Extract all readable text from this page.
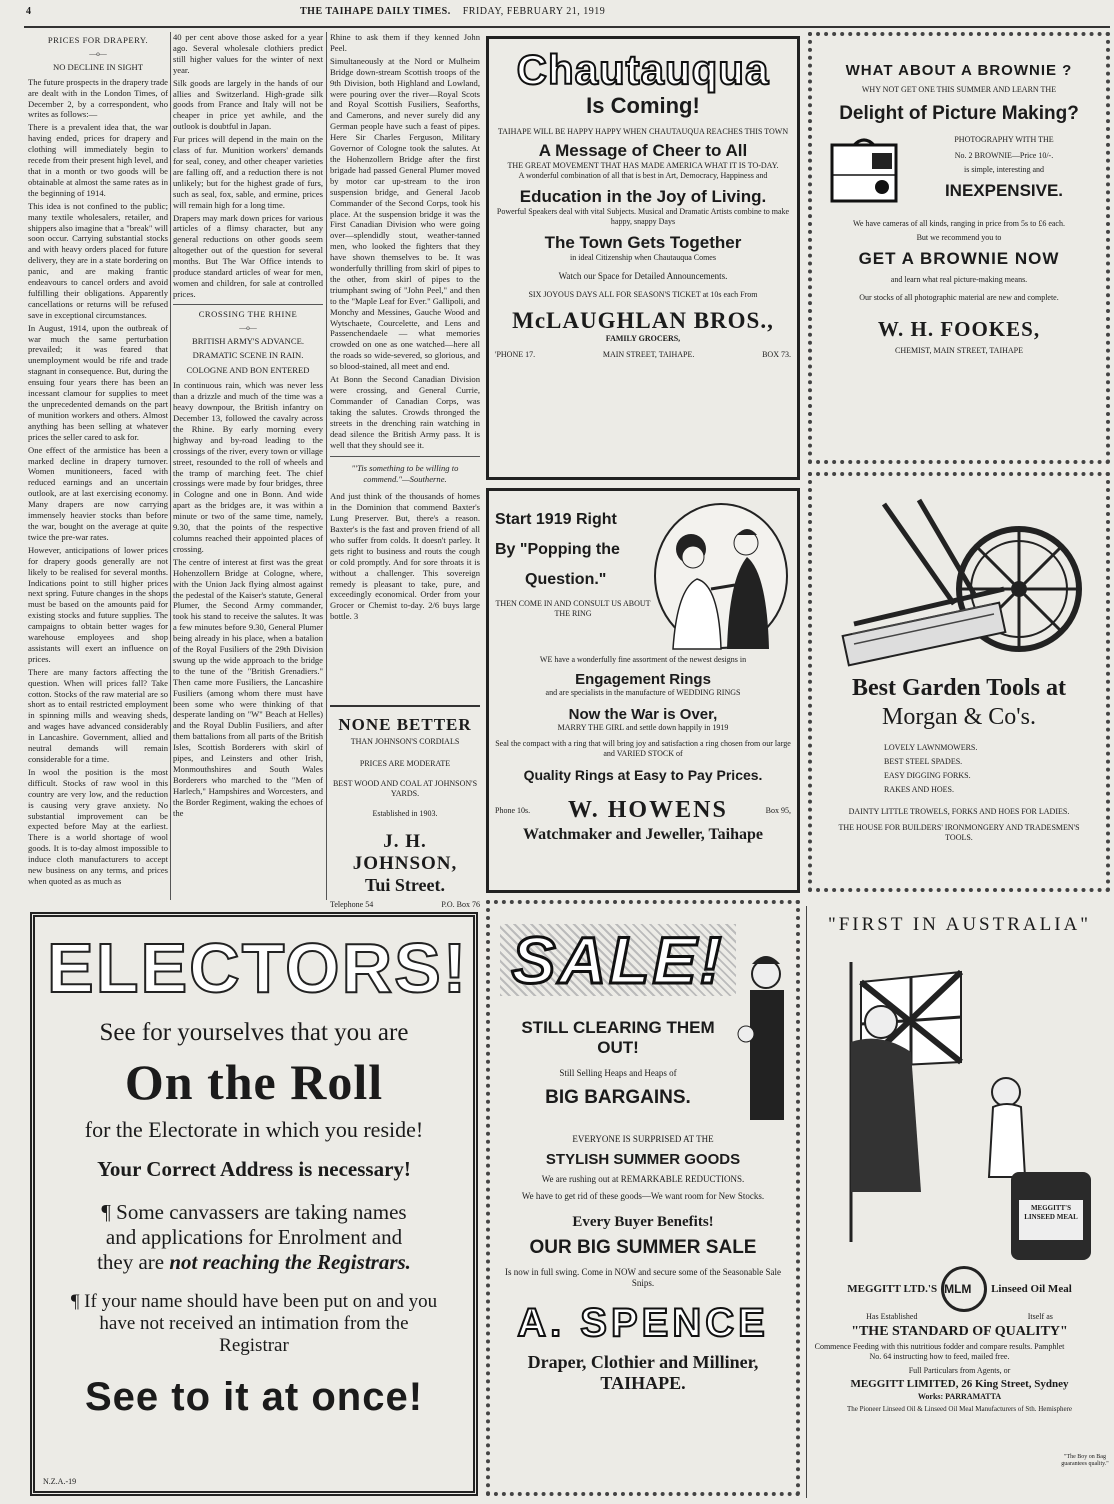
4	THE TAIHAPE DAILY TIMES. FRIDAY, FEBRUARY 21, 1919
PRICES FOR DRAPERY.
—o—
NO DECLINE IN SIGHT

The future prospects in the drapery trade are dealt with in the London Times, of December 2, by a correspondent, who writes as follows:—

There is a prevalent idea that, the war having ended, prices for drapery and clothing will immediately begin to recede from their present high level, and that in a month or two goods will be obtainable at almost the same rates as in the beginning of 1914.

This idea is not confined to the public; many textile wholesalers, retailer, and shippers also imagine that a "break" will soon occur. Carrying substantial stocks and with heavy orders placed for future delivery, they are in a state bordering on panic, and are making frantic endeavours to cancel orders and avoid fulfilling their obligations. Apparently cancellations or returns will be refused save in exceptional circumstances.

In August, 1914, upon the outbreak of war much the same perturbation prevailed; it was feared that unemployment would be rife and trade stagnant in consequence. But, during the ensuing four years there has been an incessant clamour for supplies to meet the unprecedented demands on the part of munition workers and others. Almost anything has been selling at whatever prices the seller cared to ask for.

One effect of the armistice has been a marked decline in drapery turnover. Women munitioneers, faced with reduced earnings and an uncertain outlook, are at last exercising economy. Many drapers are now carrying immensely heavier stocks than before the war, bought on the average at quite twice the pre-war rates.

However, anticipations of lower prices for drapery goods generally are not likely to be realised for several months. Indications point to still higher prices next spring. Future changes in the shops must be based on the amounts paid for existing stocks and future supplies. The campaigns to obtain better wages for warehouse employees and shop assistants will exert an influence on prices.

There are many factors affecting the question. When will prices fall? Take cotton. Stocks of the raw material are so short as to entail restricted employment in spinning mills and weaving sheds, and wages have advanced considerably in Lancashire. Government, allied and neutral demands will remain considerable for a time.

In wool the position is the most difficult. Stocks of raw wool in this country are very low, and the reduction is causing very grave anxiety. No substantial improvement can be expected before May at the earliest. There is a world shortage of wool goods. It is to-day almost impossible to induce cloth manufacturers to accept new business on any terms, and prices when quoted as as much as

40 per cent above those asked for a year ago. Several wholesale clothiers predict still higher values for the winter of next year.

Silk goods are largely in the hands of our allies and Switzerland. High-grade silk goods from France and Italy will not be cheaper in price yet awhile, and the outlook is doubtful in Japan.

Fur prices will depend in the main on the class of fur. Munition workers' demands for seal, coney, and other cheaper varieties are falling off, and a reduction there is not unlikely; but for the highest grade of furs, such as seal, fox, sable, and ermine, prices will remain high for a long time.

Drapers may mark down prices for various articles of a flimsy character, but any general reductions on other goods seem altogether out of the question for several months. But The War Office intends to produce standard articles of wear for men, women and children, for sale at controlled prices.

CROSSING THE RHINE
—o—
BRITISH ARMY'S ADVANCE.
DRAMATIC SCENE IN RAIN.
COLOGNE AND BON ENTERED

In continuous rain, which was never less than a drizzle and much of the time was a heavy downpour, the British infantry on December 13, followed the cavalry across the Rhine. By early morning every highway and by-road leading to the crossings of the river, every town or village street, resounded to the roll of wheels and the tramp of marching feet. The chief crossings were made by four bridges, three in Cologne and one in Bonn. And wide apart as the bridges are, it was within a minute or two of the same time, namely, 9.30, that the points of the respective columns reached their appointed places of crossing.

The centre of interest at first was the great Hohenzollern Bridge at Cologne, where, with the Union Jack flying almost against the pedestal of the Kaiser's statute, General Plumer, the Second Army commander, took his stand to receive the salutes. It was a few minutes before 9.30, General Plumer being already in his place, when a batalion of the Royal Fusiliers of the 29th Division swung up the wide approach to the bridge to the tune of the "British Grenadiers." Then came more Fusiliers, the Lancashire Fusiliers (among whom there must have been some who were thinking of that desperate landing on "W" Beach at Helles) and the Royal Dublin Fusiliers, and after them battalions from all parts of the British Isles, Scottish Borderers with skirl of pipes, and Leinsters and other Irish, Monmouthshires and South Wales Borderers who marched to the "Men of Harlech," Hampshires and Worcesters, and the Border Regiment, waking the echoes of the

Rhine to ask them if they kenned John Peel.

Simultaneously at the Nord or Mulheim Bridge down-stream Scottish troops of the 9th Division, both Highland and Lowland, were pouring over the river—Royal Scots and Royal Scottish Fusiliers, Seaforths, and Camerons, and never surely did any German people have such a feast of pipes. Here Sir Charles Ferguson, Military Governor of Cologne took the salutes. At the Hohenzollern Bridge after the first brigade had passed General Plumer moved by motor car up-stream to the iron suspension bridge, and General Jacob Commander of the Second Corps, took his place. At the suspension bridge it was the First Canadian Division who were going over—splendidly stout, weather-tanned men, who looked the fighters that they have shown themselves to be. It was wonderfully thrilling from skirl of pipes to the other, from skirl of pipes to the triumphant swing of "John Peel," and then to the "Maple Leaf for Ever." Gallipoli, and Monchy and Messines, Gauche Wood and Wytschaete, Courcelette, and Lens and Passenchendaele — what memories crowded on one as one watched—here all the roads so wide-severed, so glorious, and so blood-stained, all meet and end.

At Bonn the Second Canadian Division were crossing, and General Currie, Commander of Canadian Corps, was taking the salutes. Crowds thronged the streets in the drenching rain watching in dead silence the British Army pass. It is well that they should see it.

"'Tis something to be willing to commend."—Southerne.

And just think of the thousands of homes in the Dominion that commend Baxter's Lung Preserver. But, there's a reason. Baxter's is the fast and proven friend of all who suffer from colds. It doesn't parley. It gets right to business and routs the cough or cold promptly. And for sore throats it is without a challenger. This sovereign remedy is pleasant to take, pure, and exceedingly economical. Order from your Grocer or Chemist to-day. 2/6 buys large bottle. 3

NONE BETTER

THAN JOHNSON'S CORDIALS

PRICES ARE MODERATE

BEST WOOD AND COAL AT JOHNSON'S YARDS.

Established in 1903.

J. H. JOHNSON,

Tui Street.

Telephone 54	P.O. Box 76

Chautauqua

Is Coming!

TAIHAPE WILL BE HAPPY HAPPY WHEN CHAUTAUQUA REACHES THIS TOWN

A Message of Cheer to All

THE GREAT MOVEMENT THAT HAS MADE AMERICA WHAT IT IS TO-DAY.

A wonderful combination of all that is best in Art, Democracy, Happiness and

Education in the Joy of Living.

Powerful Speakers deal with vital Subjects. Musical and Dramatic Artists combine to make happy, snappy Days

The Town Gets Together

in ideal Citizenship when Chautauqua Comes

Watch our Space for Detailed Announcements.

SIX JOYOUS DAYS ALL FOR SEASON'S TICKET at 10s each From

McLAUGHLAN BROS.,

FAMILY GROCERS,

'PHONE 17.	MAIN STREET, TAIHAPE.	BOX 73.

WHAT ABOUT A BROWNIE ?

WHY NOT GET ONE THIS SUMMER AND LEARN THE

Delight of Picture Making?

PHOTOGRAPHY WITH THE

No. 2 BROWNIE—Price 10/-.

is simple, interesting and

INEXPENSIVE.

We have cameras of all kinds, ranging in price from 5s to £6 each.

But we recommend you to

GET A BROWNIE NOW

and learn what real picture-making means.

Our stocks of all photographic material are new and complete.

W. H. FOOKES,

CHEMIST, MAIN STREET, TAIHAPE

Start 1919 Right

By "Popping the

Question."

THEN COME IN AND CONSULT US ABOUT THE RING

WE have a wonderfully fine assortment of the newest designs in

Engagement Rings

and are specialists in the manufacture of WEDDING RINGS

Now the War is Over,

MARRY THE GIRL and settle down happily in 1919

Seal the compact with a ring that will bring joy and satisfaction a ring chosen from our large and VARIED STOCK of

Quality Rings at Easy to Pay Prices.

Phone 10s. W. HOWENS	Box 95,

Watchmaker and Jeweller, Taihape

Best Garden Tools at

Morgan & Co's.

LOVELY LAWNMOWERS.

BEST STEEL SPADES.

EASY DIGGING FORKS.

RAKES AND HOES.

DAINTY LITTLE TROWELS, FORKS AND HOES FOR LADIES.

THE HOUSE FOR BUILDERS' IRONMONGERY AND TRADESMEN'S TOOLS.

ELECTORS!

See for yourselves that you are

On the Roll

for the Electorate in which you reside!

Your Correct Address is necessary!

¶ Some canvassers are taking names and applications for Enrolment and they are not reaching the Registrars.

¶ If your name should have been put on and you have not received an intimation from the Registrar

See to it at once!

N.Z.A.-19

SALE!

STILL CLEARING THEM OUT!

Still Selling Heaps and Heaps of

BIG BARGAINS.

EVERYONE IS SURPRISED AT THE

STYLISH SUMMER GOODS

We are rushing out at REMARKABLE REDUCTIONS.

We have to get rid of these goods—We want room for New Stocks.

Every Buyer Benefits!

OUR BIG SUMMER SALE

Is now in full swing. Come in NOW and secure some of the Seasonable Sale Snips.

A. SPENCE

Draper, Clothier and Milliner,

TAIHAPE.

"FIRST IN AUSTRALIA"

MEGGITT'S LINSEED MEAL
MEGGITT LTD.'S MLM	Linseed Oil Meal
Has Established	Itself as

"THE STANDARD OF QUALITY"

Commence Feeding with this nutritious fodder and compare results. Pamphlet No. 64 instructing how to feed, mailed free.

Full Particulars from Agents, or

MEGGITT LIMITED, 26 King Street, Sydney

Works: PARRAMATTA

The Pioneer Linseed Oil & Linseed Oil Meal Manufacturers of Sth. Hemisphere

"The Boy on Bag guarantees quality."
